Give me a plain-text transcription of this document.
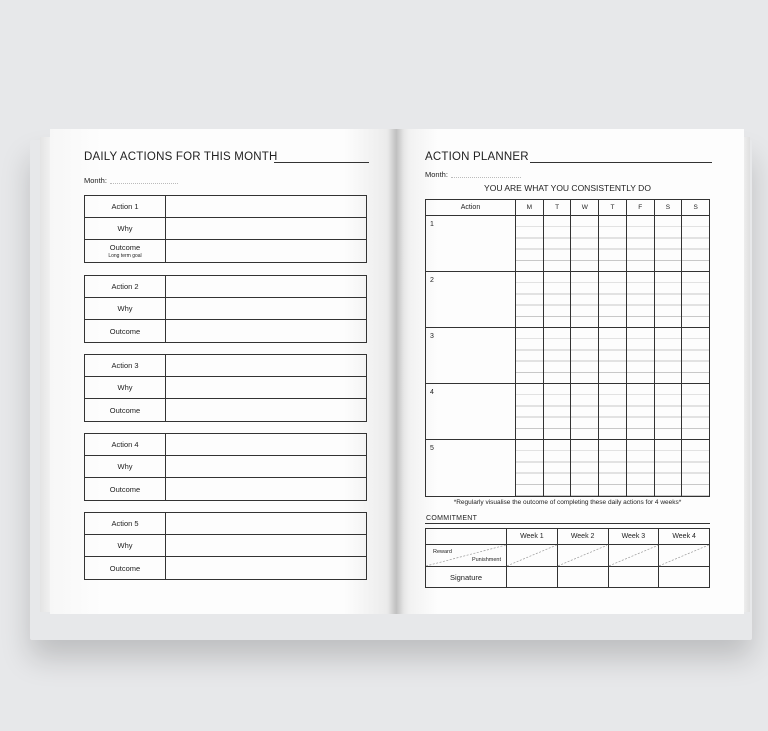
DAILY ACTIONS FOR THIS MONTH
Month:
Action 1
Why
Outcome
Long term goal
Action 2
Why
Outcome
Action 3
Why
Outcome
Action 4
Why
Outcome
Action 5
Why
Outcome
ACTION PLANNER
Month:
YOU ARE WHAT YOU CONSISTENTLY DO
Action	M	T	W	T	F	S	S
1
2
3
4
5
*Regularly visualise the outcome of completing these daily actions for 4 weeks*
COMMITMENT
Week 1	Week 2	Week 3	Week 4
Reward
Punishment
Signature
